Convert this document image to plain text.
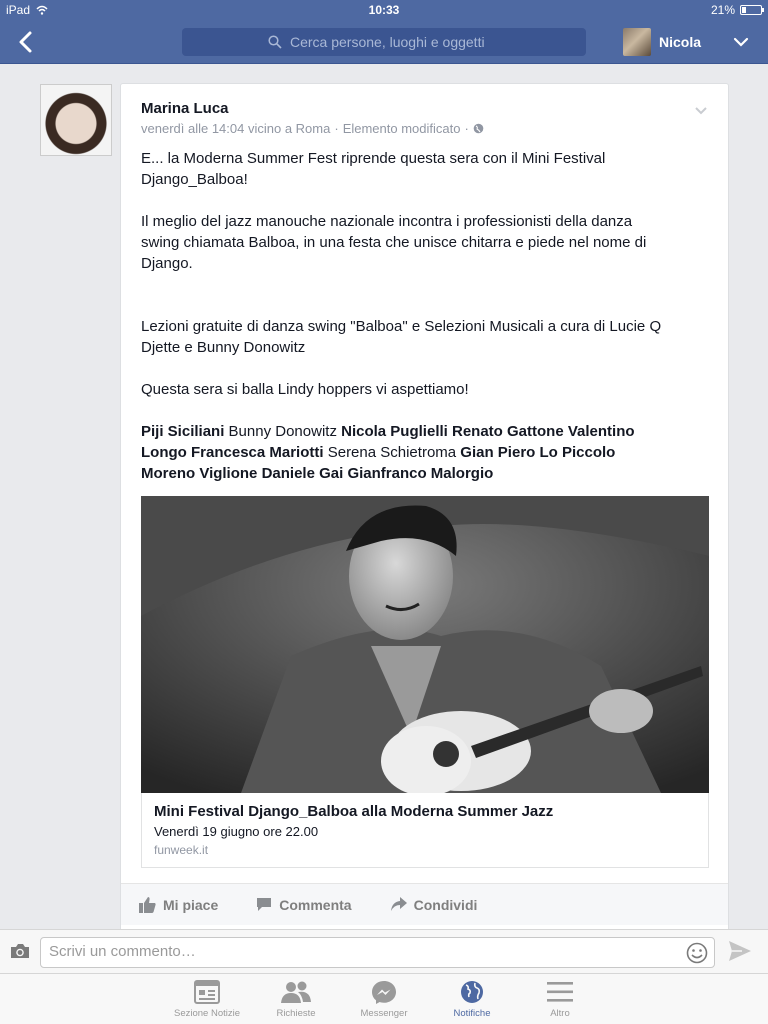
iPad	10:33	21%
Cerca persone, luoghi e oggetti
Nicola
Marina Luca
venerdì alle 14:04 vicino a Roma · Elemento modificato ·

E... la Moderna Summer Fest riprende questa sera con il Mini Festival Django_Balboa!

Il meglio del jazz manouche nazionale incontra i professionisti della danza swing chiamata Balboa, in una festa che unisce chitarra e piede nel nome di Django.

Lezioni gratuite di danza swing "Balboa" e Selezioni Musicali a cura di Lucie Q Djette e Bunny Donowitz

Questa sera si balla Lindy hoppers vi aspettiamo!

Piji Siciliani Bunny Donowitz Nicola Puglielli Renato Gattone Valentino Longo Francesca Mariotti Serena Schietroma Gian Piero Lo Piccolo Moreno Viglione Daniele Gai Gianfranco Malorgio

Mini Festival Django_Balboa alla Moderna Summer Jazz
Venerdì 19 giugno ore 22.00
funweek.it
Mi piace	Commenta	Condividi
Scrivi un commento…
Sezione Notizie	Richieste	Messenger	Notifiche	Altro
